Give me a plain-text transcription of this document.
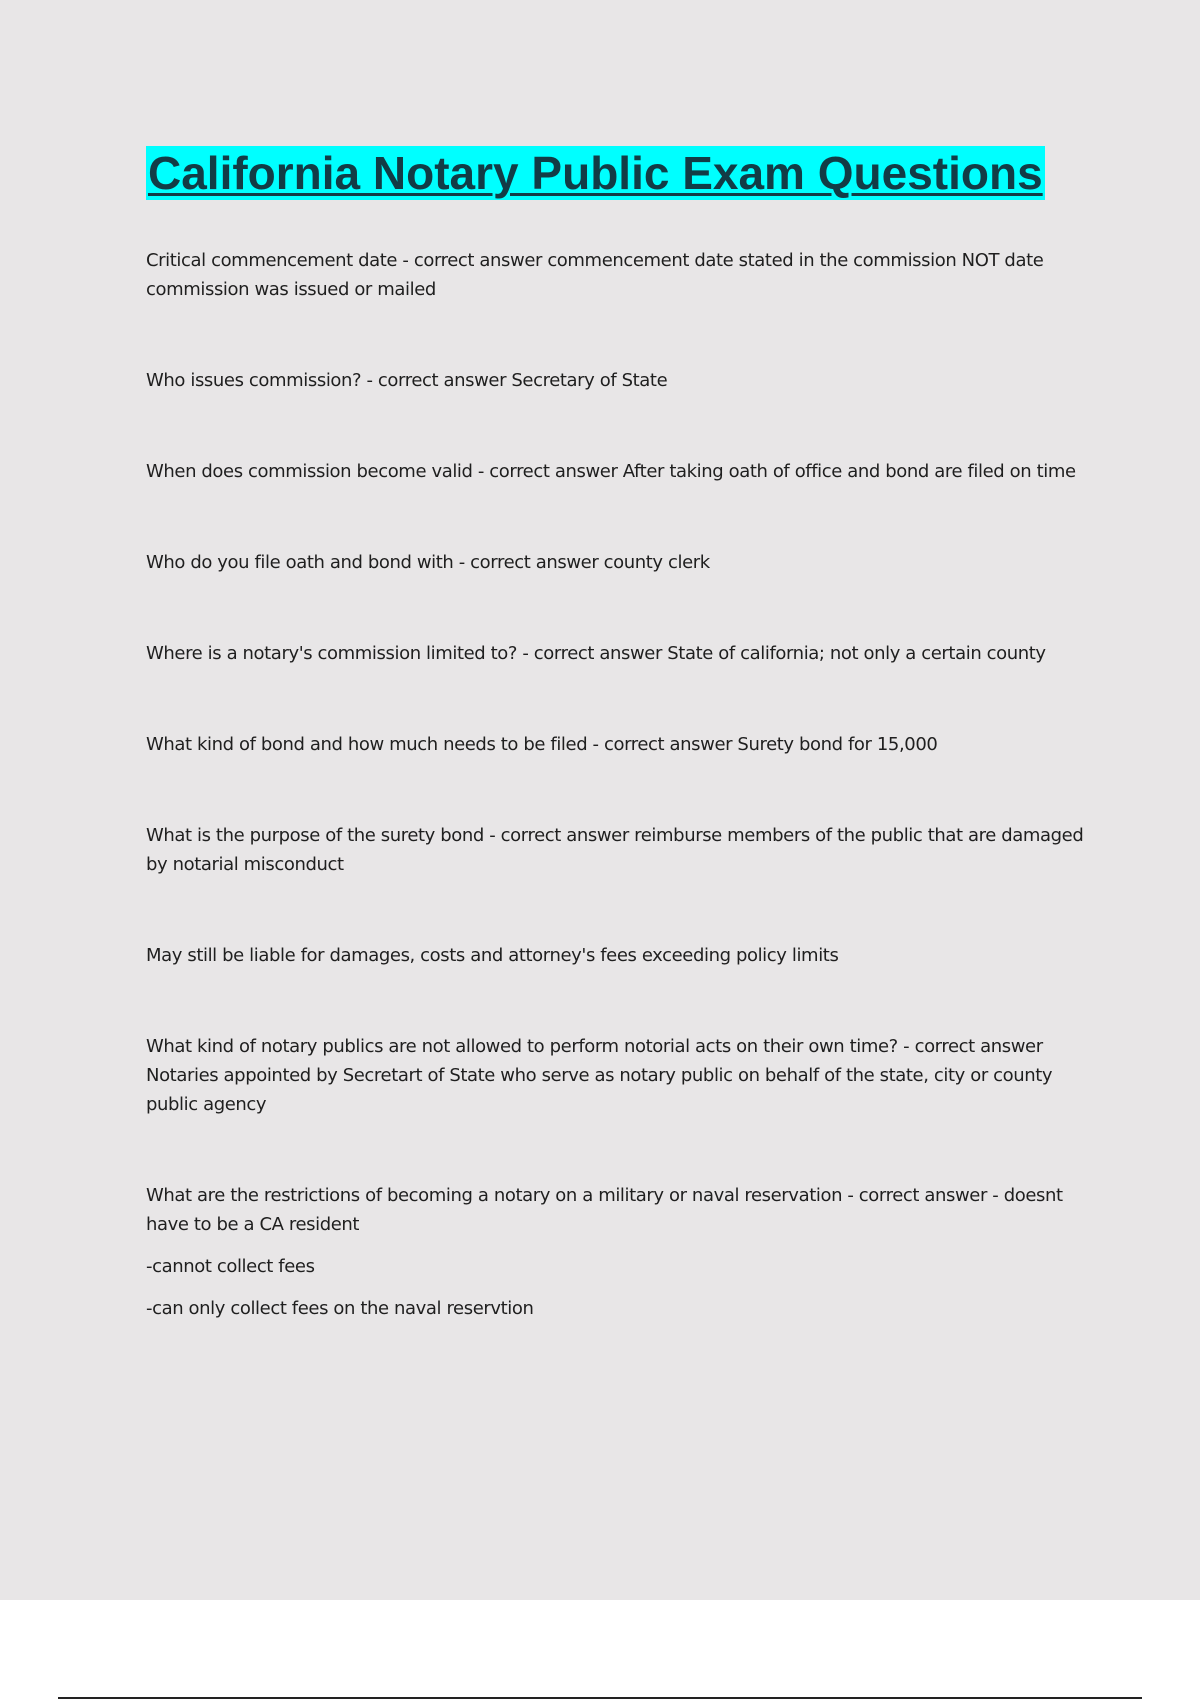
California Notary Public Exam Questions

Critical commencement date - correct answer commencement date stated in the commission NOT date commission was issued or mailed

Who issues commission? - correct answer Secretary of State

When does commission become valid - correct answer After taking oath of office and bond are filed on time

Who do you file oath and bond with - correct answer county clerk

Where is a notary's commission limited to? - correct answer State of california; not only a certain county

What kind of bond and how much needs to be filed - correct answer Surety bond for 15,000

What is the purpose of the surety bond - correct answer reimburse members of the public that are damaged by notarial misconduct

May still be liable for damages, costs and attorney's fees exceeding policy limits

What kind of notary publics are not allowed to perform notorial acts on their own time? - correct answer Notaries appointed by Secretart of State who serve as notary public on behalf of the state, city or county public agency

What are the restrictions of becoming a notary on a military or naval reservation - correct answer - doesnt have to be a CA resident

-cannot collect fees

-can only collect fees on the naval reservtion
